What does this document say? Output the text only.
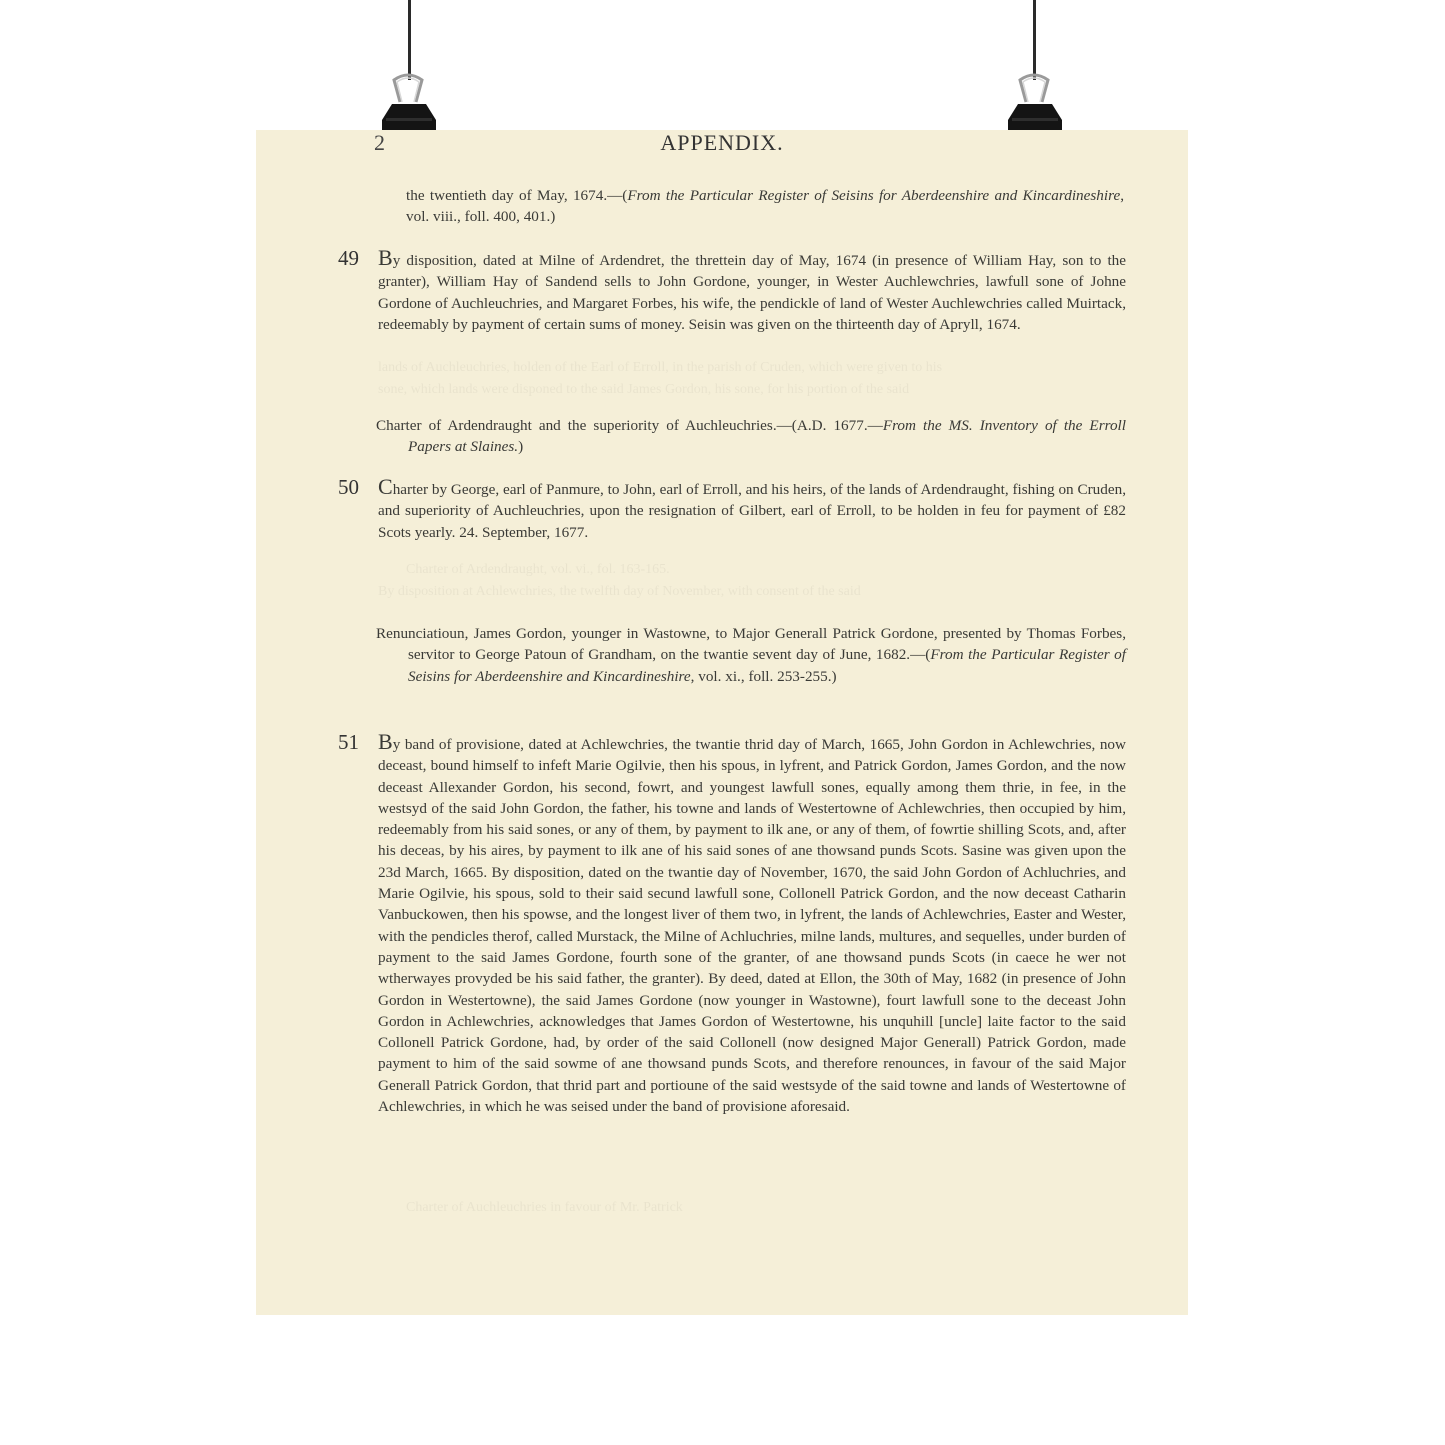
lands of Auchleuchries, holden of the Earl of Erroll, in the parish of Cruden, which were given to his
sone, which lands were disponed to the said James Gordon, his sone, for his portion of the said
Charter of Ardendraught, vol. vi., fol. 163-165.
By disposition at Achlewchries, the twelfth day of November, with consent of the said
Charter of Auchleuchries in favour of Mr. Patrick
2	APPENDIX.
the twentieth day of May, 1674.—(From the Particular Register of Seisins for Aberdeenshire and Kincardineshire, vol. viii., foll. 400, 401.)
49 By disposition, dated at Milne of Ardendret, the threttein day of May, 1674 (in presence of William Hay, son to the granter), William Hay of Sandend sells to John Gordone, younger, in Wester Auchlewchries, lawfull sone of Johne Gordone of Auchleuchries, and Margaret Forbes, his wife, the pendickle of land of Wester Auchlewchries called Muirtack, redeemably by payment of certain sums of money. Seisin was given on the thirteenth day of Apryll, 1674.
Charter of Ardendraught and the superiority of Auchleuchries.—(A.D. 1677.—From the MS. Inventory of the Erroll Papers at Slaines.)
50 Charter by George, earl of Panmure, to John, earl of Erroll, and his heirs, of the lands of Ardendraught, fishing on Cruden, and superiority of Auchleuchries, upon the resignation of Gilbert, earl of Erroll, to be holden in feu for payment of £82 Scots yearly. 24. September, 1677.
Renunciatioun, James Gordon, younger in Wastowne, to Major Generall Patrick Gordone, presented by Thomas Forbes, servitor to George Patoun of Grandham, on the twantie sevent day of June, 1682.—(From the Particular Register of Seisins for Aberdeenshire and Kincardineshire, vol. xi., foll. 253-255.)
51 By band of provisione, dated at Achlewchries, the twantie thrid day of March, 1665, John Gordon in Achlewchries, now deceast, bound himself to infeft Marie Ogilvie, then his spous, in lyfrent, and Patrick Gordon, James Gordon, and the now deceast Allexander Gordon, his second, fowrt, and youngest lawfull sones, equally among them thrie, in fee, in the westsyd of the said John Gordon, the father, his towne and lands of Westertowne of Achlewchries, then occupied by him, redeemably from his said sones, or any of them, by payment to ilk ane, or any of them, of fowrtie shilling Scots, and, after his deceas, by his aires, by payment to ilk ane of his said sones of ane thowsand punds Scots. Sasine was given upon the 23d March, 1665. By disposition, dated on the twantie day of November, 1670, the said John Gordon of Achluchries, and Marie Ogilvie, his spous, sold to their said secund lawfull sone, Collonell Patrick Gordon, and the now deceast Catharin Vanbuckowen, then his spowse, and the longest liver of them two, in lyfrent, the lands of Achlewchries, Easter and Wester, with the pendicles therof, called Murstack, the Milne of Achluchries, milne lands, multures, and sequelles, under burden of payment to the said James Gordone, fourth sone of the granter, of ane thowsand punds Scots (in caece he wer not wtherwayes provyded be his said father, the granter). By deed, dated at Ellon, the 30th of May, 1682 (in presence of John Gordon in Westertowne), the said James Gordone (now younger in Wastowne), fourt lawfull sone to the deceast John Gordon in Achlewchries, acknowledges that James Gordon of Westertowne, his unquhill [uncle] laite factor to the said Collonell Patrick Gordone, had, by order of the said Collonell (now designed Major Generall) Patrick Gordon, made payment to him of the said sowme of ane thowsand punds Scots, and therefore renounces, in favour of the said Major Generall Patrick Gordon, that thrid part and portioune of the said westsyde of the said towne and lands of Westertowne of Achlewchries, in which he was seised under the band of provisione aforesaid.
